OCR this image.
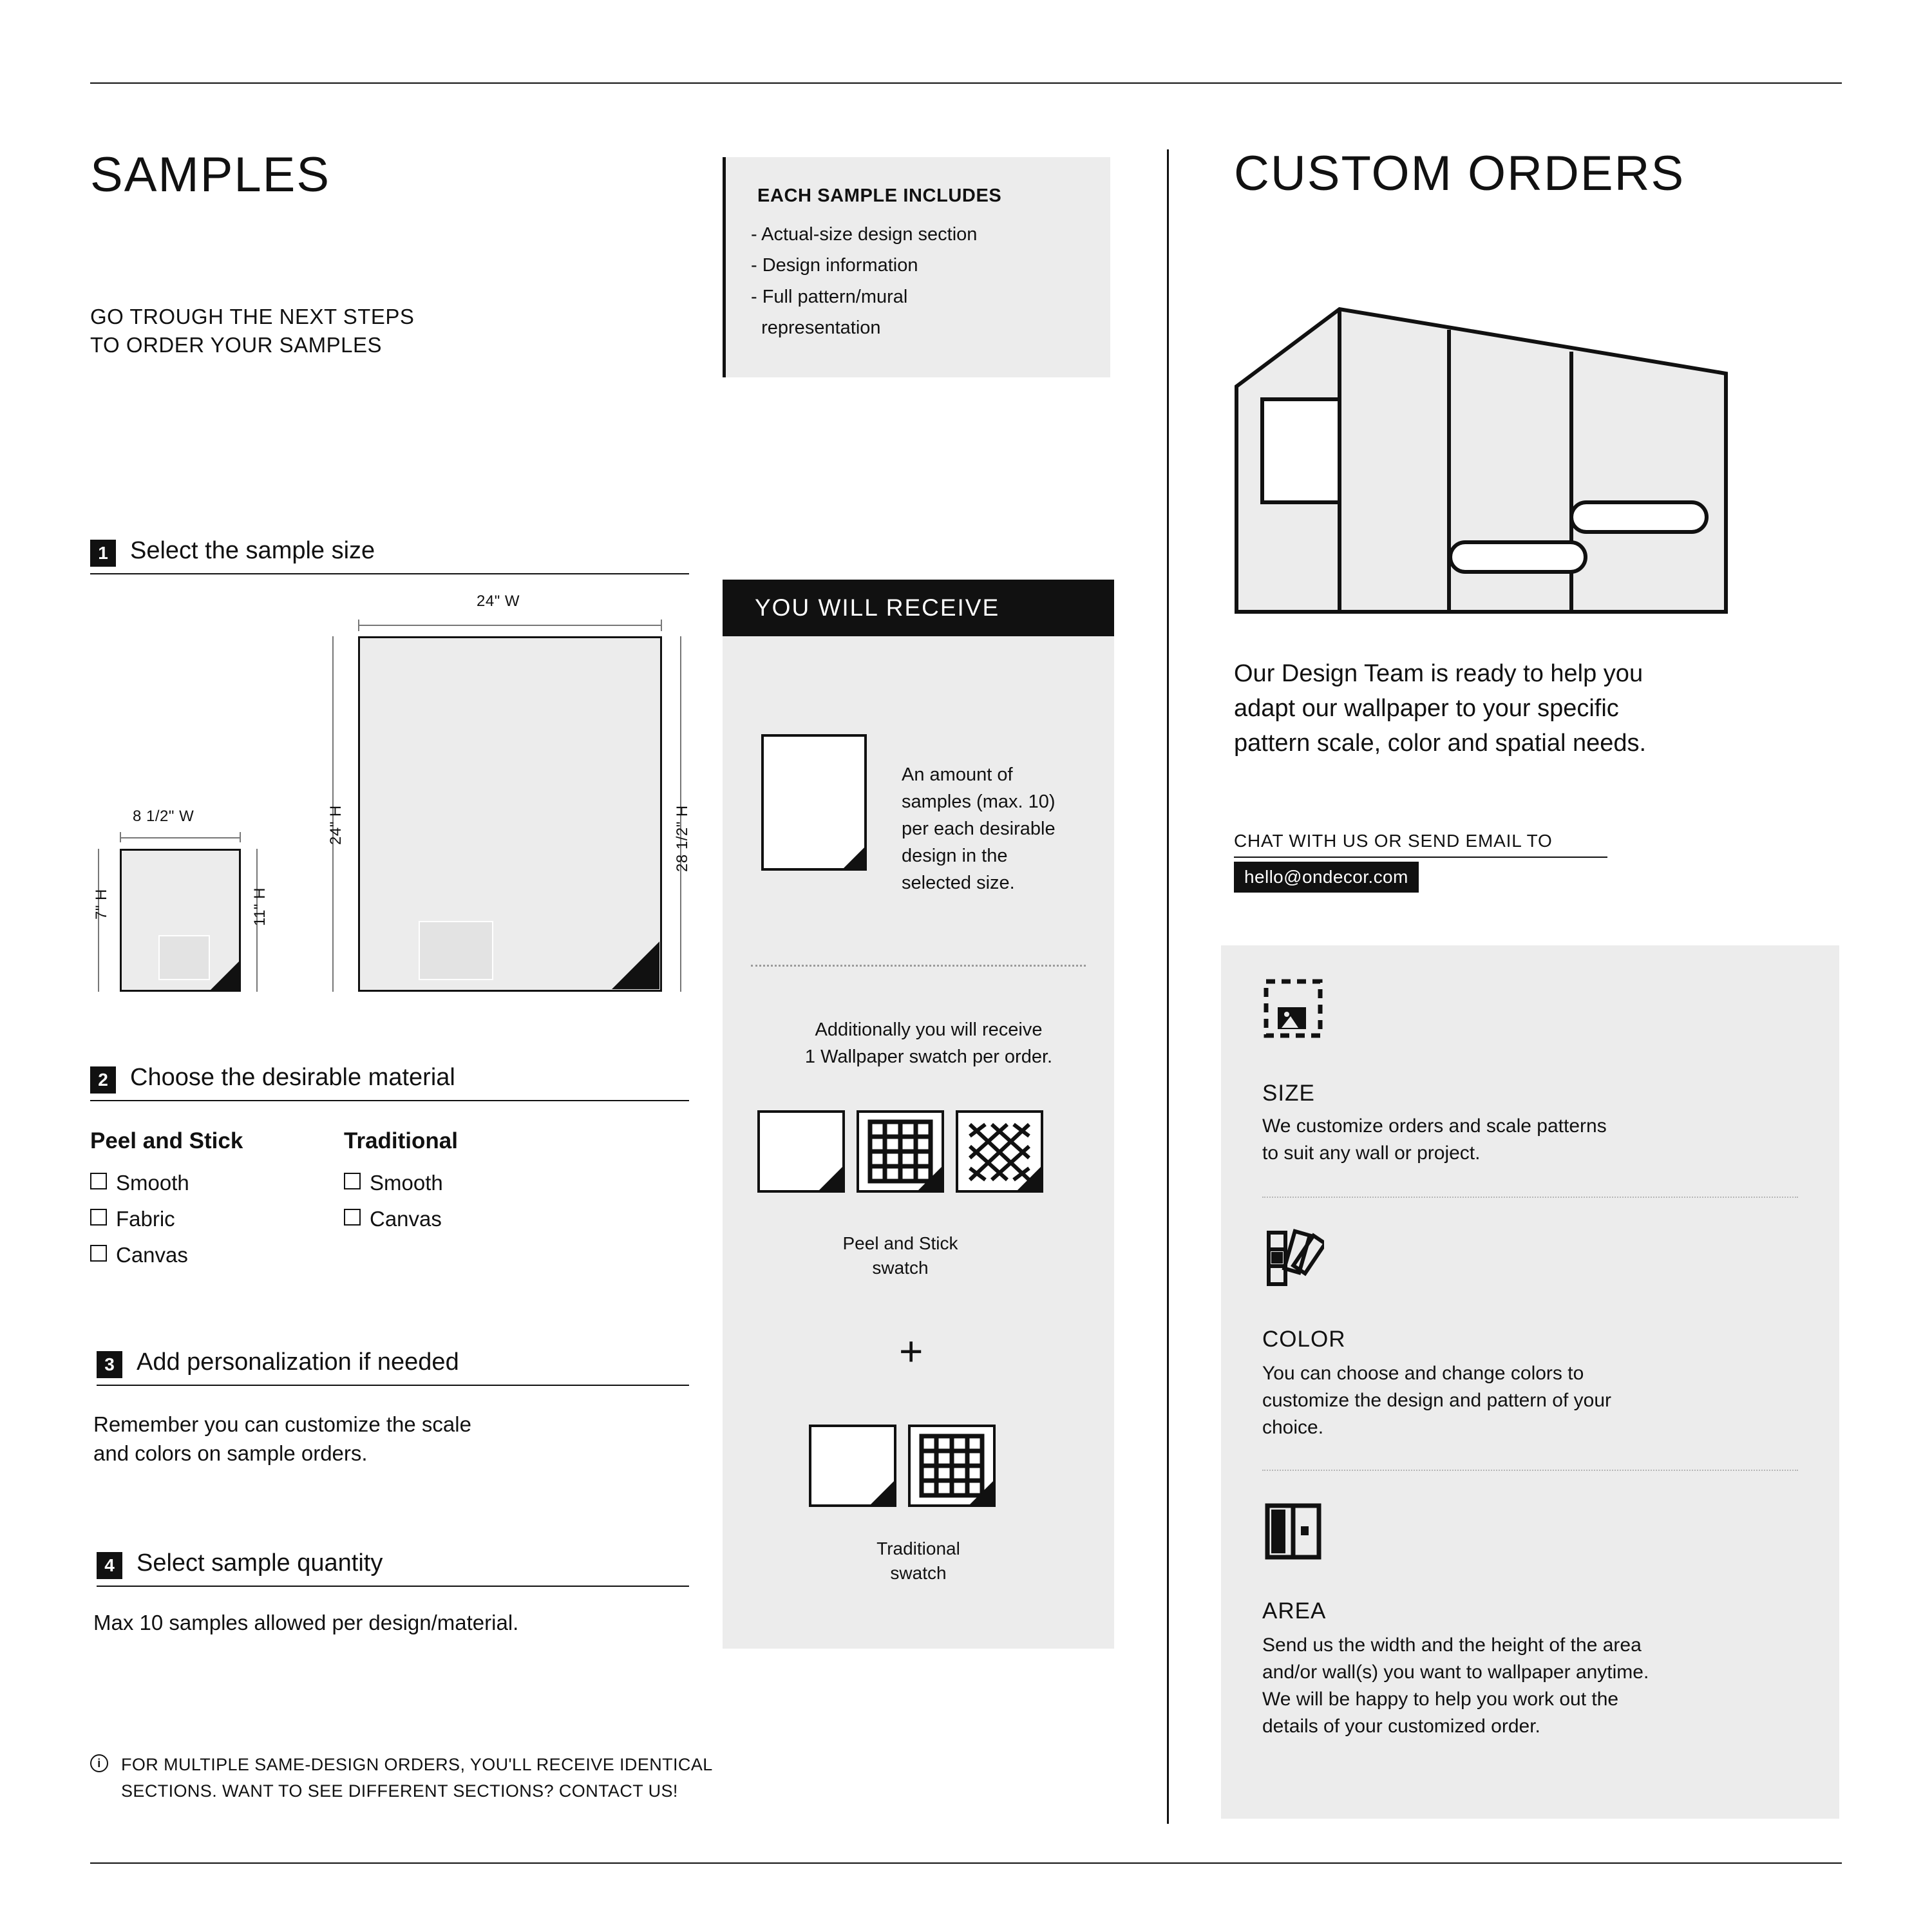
SAMPLES
GO TROUGH THE NEXT STEPS
TO ORDER YOUR SAMPLES
EACH SAMPLE INCLUDES
- Actual-size design section
- Design information
- Full pattern/mural
representation
1 Select the sample size
24" W
24" H	28 1/2" H
8 1/2" W
7" H	11" H
2 Choose the desirable material
Peel and Stick
Smooth
Fabric
Canvas
Traditional
Smooth
Canvas
3 Add personalization if needed
Remember you can customize the scale
and colors on sample orders.
4 Select sample quantity
Max 10 samples allowed per design/material.
i	FOR MULTIPLE SAME-DESIGN ORDERS, YOU'LL RECEIVE IDENTICAL
SECTIONS. WANT TO SEE DIFFERENT SECTIONS? CONTACT US!
YOU WILL RECEIVE
An amount of
samples (max. 10)
per each desirable
design in the
selected size.
Additionally you will receive
1 Wallpaper swatch per order.
Peel and Stick
swatch
+
Traditional
swatch
CUSTOM ORDERS
Our Design Team is ready to help you
adapt our wallpaper to your specific
pattern scale, color and spatial needs.
CHAT WITH US OR SEND EMAIL TO
hello@ondecor.com
SIZE
We customize orders and scale patterns
to suit any wall or project.
COLOR
You can choose and change colors to
customize the design and pattern of your
choice.
AREA
Send us the width and the height of the area
and/or wall(s) you want to wallpaper anytime.
We will be happy to help you work out the
details of your customized order.
